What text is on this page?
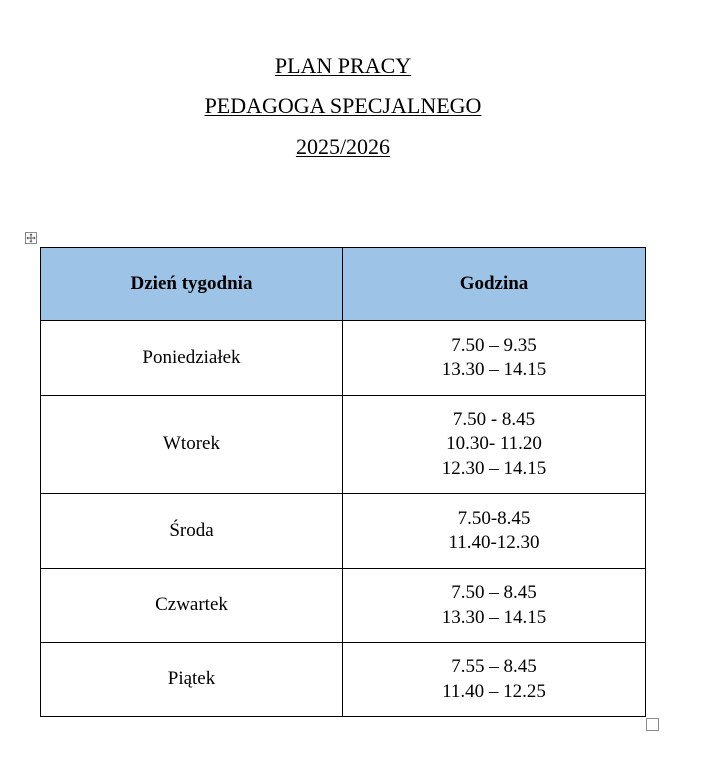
PLAN PRACY
PEDAGOGA SPECJALNEGO
2025/2026
Dzień tygodnia	Godzina
Poniedziałek	7.50 – 9.35
13.30 – 14.15

Wtorek	7.50 - 8.45
10.30- 11.20
12.30 – 14.15

Środa	7.50-8.45
11.40-12.30

Czwartek	7.50 – 8.45
13.30 – 14.15

Piątek	7.55 – 8.45
11.40 – 12.25
